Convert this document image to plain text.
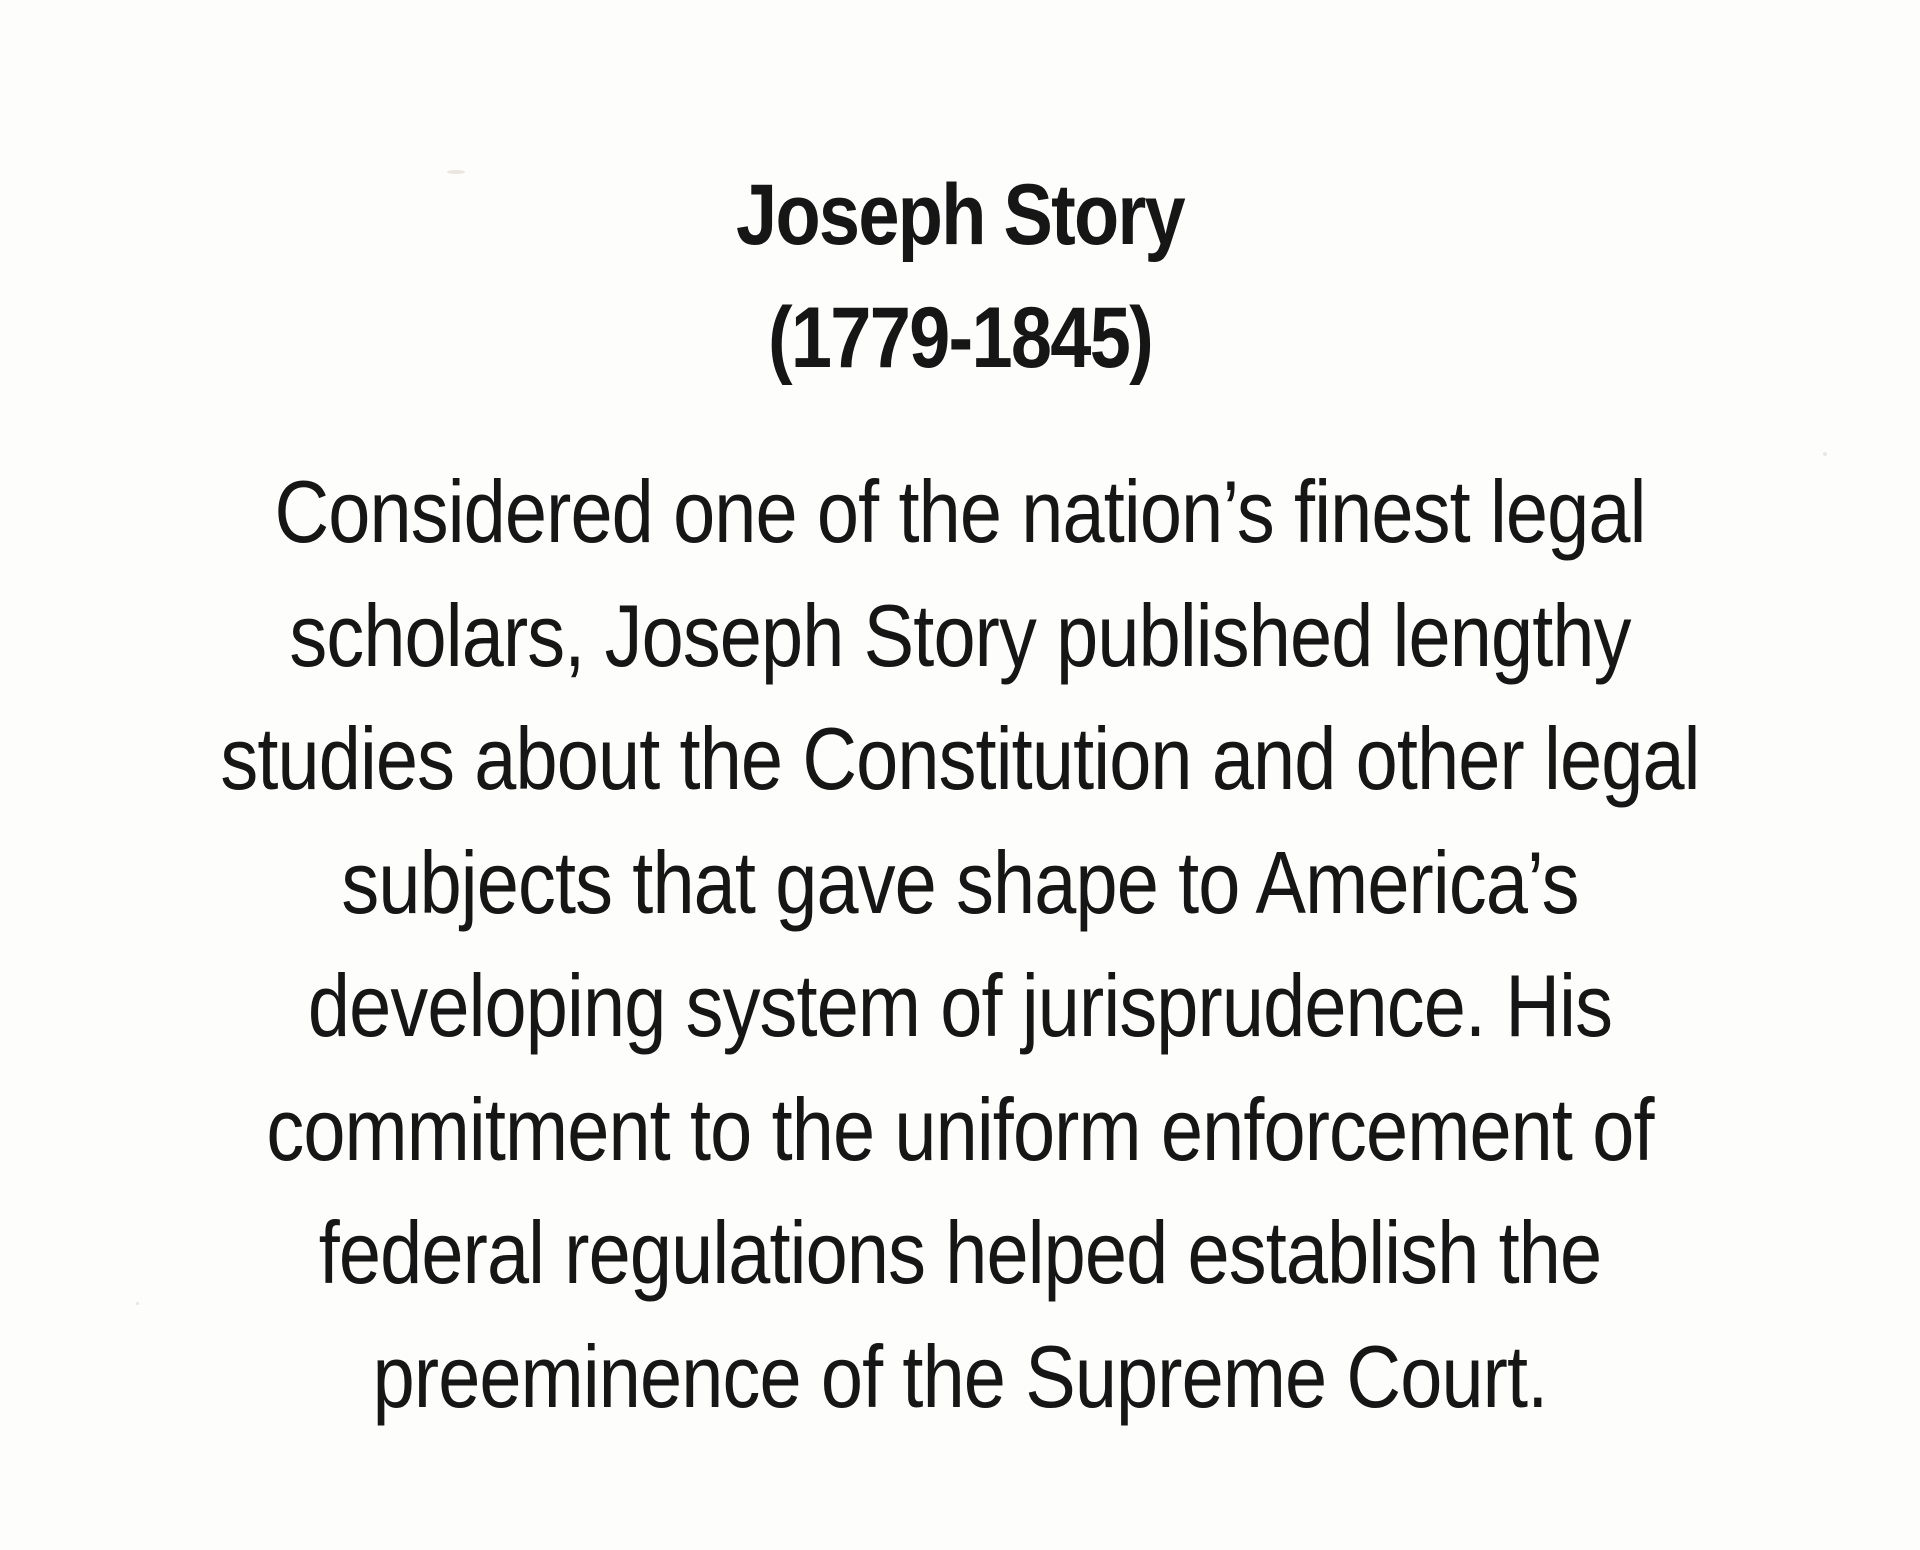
Joseph Story
(1779-1845)
Considered one of the nation’s finest legal
scholars, Joseph Story published lengthy
studies about the Constitution and other legal
subjects that gave shape to America’s
developing system of jurisprudence. His
commitment to the uniform enforcement of
federal regulations helped establish the
preeminence of the Supreme Court.
